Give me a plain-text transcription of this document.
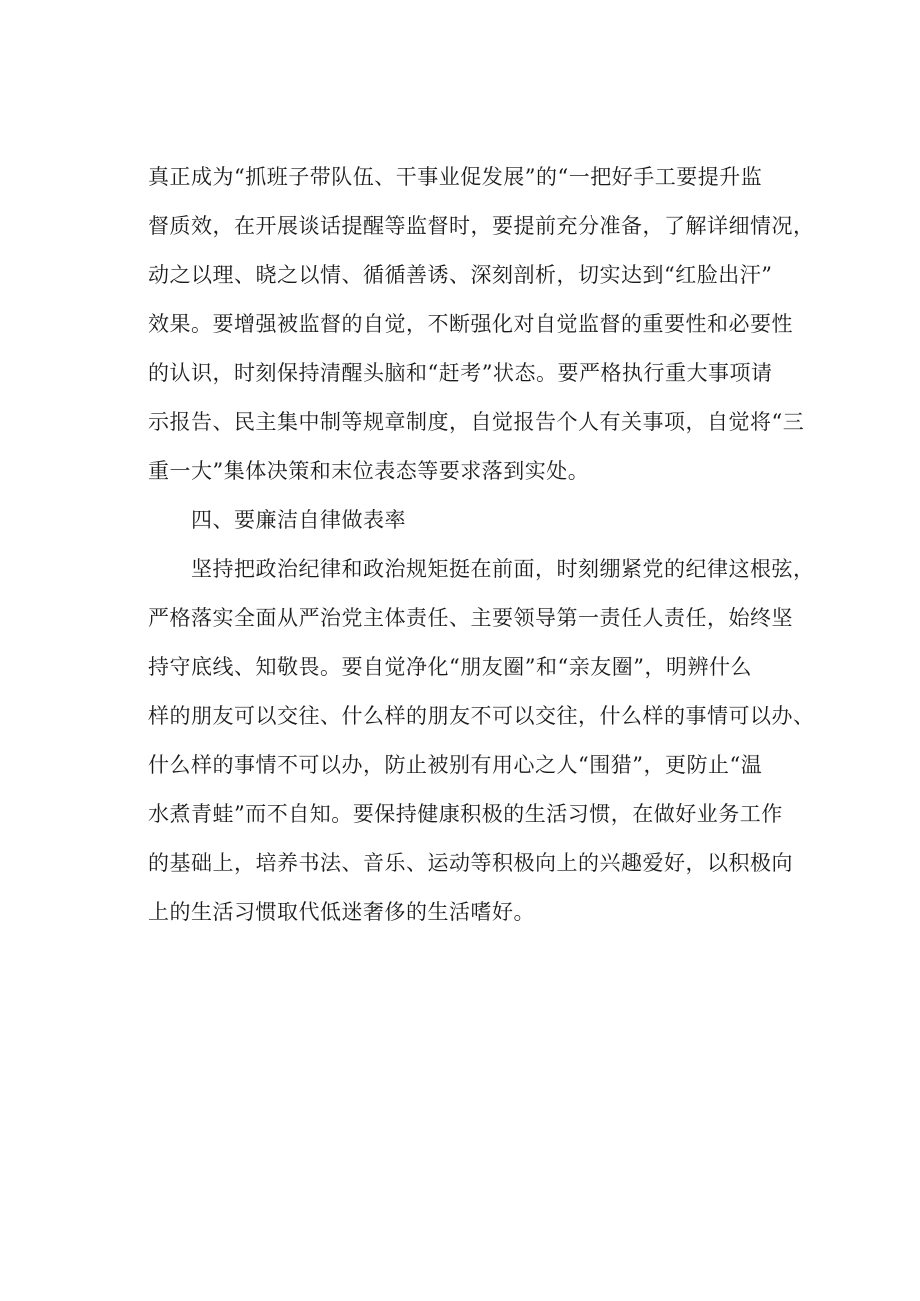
真正成为“抓班子带队伍、干事业促发展”的“一把好手工要提升监
督质效，在开展谈话提醒等监督时，要提前充分准备，了解详细情况，
动之以理、晓之以情、循循善诱、深刻剖析，切实达到“红脸出汗”
效果。要增强被监督的自觉，不断强化对自觉监督的重要性和必要性
的认识，时刻保持清醒头脑和“赶考”状态。要严格执行重大事项请
示报告、民主集中制等规章制度，自觉报告个人有关事项，自觉将“三
重一大”集体决策和末位表态等要求落到实处。
四、要廉洁自律做表率
坚持把政治纪律和政治规矩挺在前面，时刻绷紧党的纪律这根弦，
严格落实全面从严治党主体责任、主要领导第一责任人责任，始终坚
持守底线、知敬畏。要自觉净化“朋友圈”和“亲友圈”，明辨什么
样的朋友可以交往、什么样的朋友不可以交往，什么样的事情可以办、
什么样的事情不可以办，防止被别有用心之人“围猎”，更防止“温
水煮青蛙”而不自知。要保持健康积极的生活习惯，在做好业务工作
的基础上，培养书法、音乐、运动等积极向上的兴趣爱好，以积极向
上的生活习惯取代低迷奢侈的生活嗜好。
